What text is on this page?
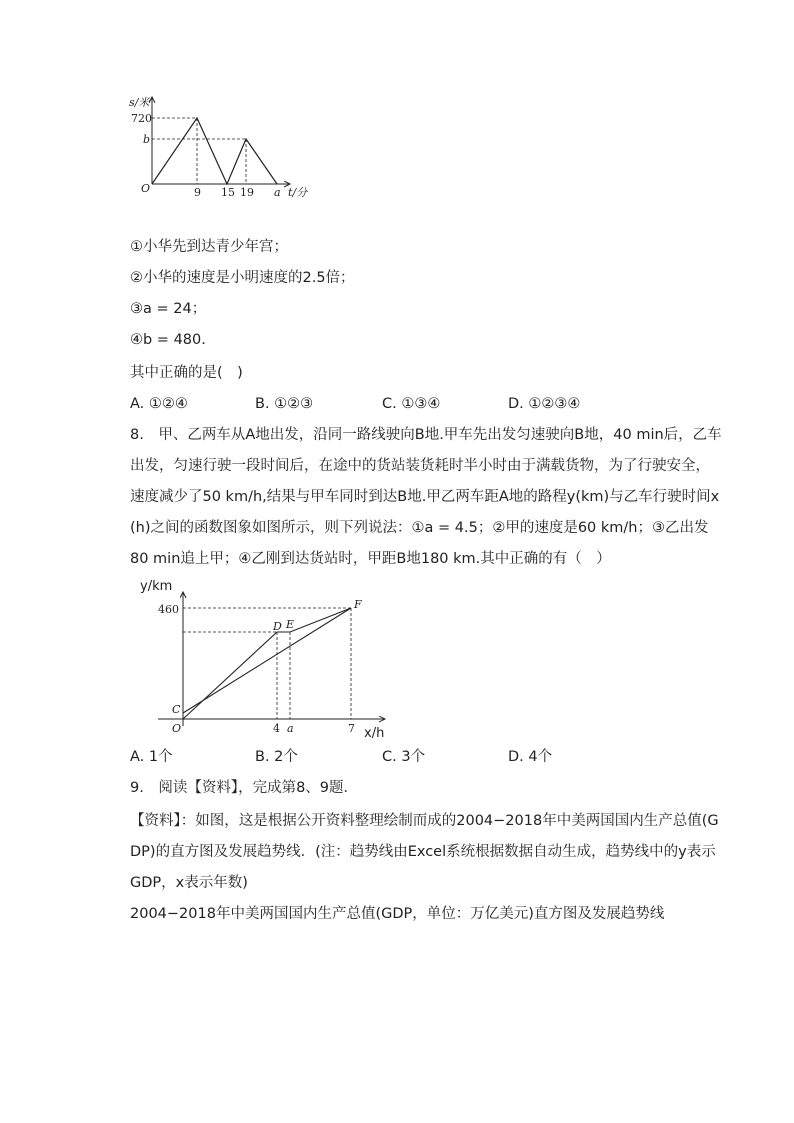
s/米
720
b
O	9 15 19 a t/分
①小华先到达青少年宫；
②小华的速度是小明速度的2.5倍；
③a = 24；
④b = 480.
其中正确的是(　)
A. ①②④	B. ①②③	C. ①③④	D. ①②③④
8.　甲、乙两车从A地出发，沿同一路线驶向B地.甲车先出发匀速驶向B地，40 min后，乙车
出发，匀速行驶一段时间后，在途中的货站装货耗时半小时由于满载货物，为了行驶安全，
速度减少了50 km/h,结果与甲车同时到达B地.甲乙两车距A地的路程y(km)与乙车行驶时间x
(h)之间的函数图象如图所示，则下列说法：①a = 4.5；②甲的速度是60 km/h；③乙出发
80 min追上甲；④乙刚到达货站时，甲距B地180 km.其中正确的有（　）
y/km
460
D E
F
C
O	4 a	7 x/h
A. 1个	B. 2个	C. 3个	D. 4个
9.　阅读【资料】，完成第8、9题．
【资料】：如图，这是根据公开资料整理绘制而成的2004−2018年中美两国国内生产总值(G
DP)的直方图及发展趋势线．(注：趋势线由Excel系统根据数据自动生成，趋势线中的y表示
GDP，x表示年数)
2004−2018年中美两国国内生产总值(GDP，单位：万亿美元)直方图及发展趋势线
